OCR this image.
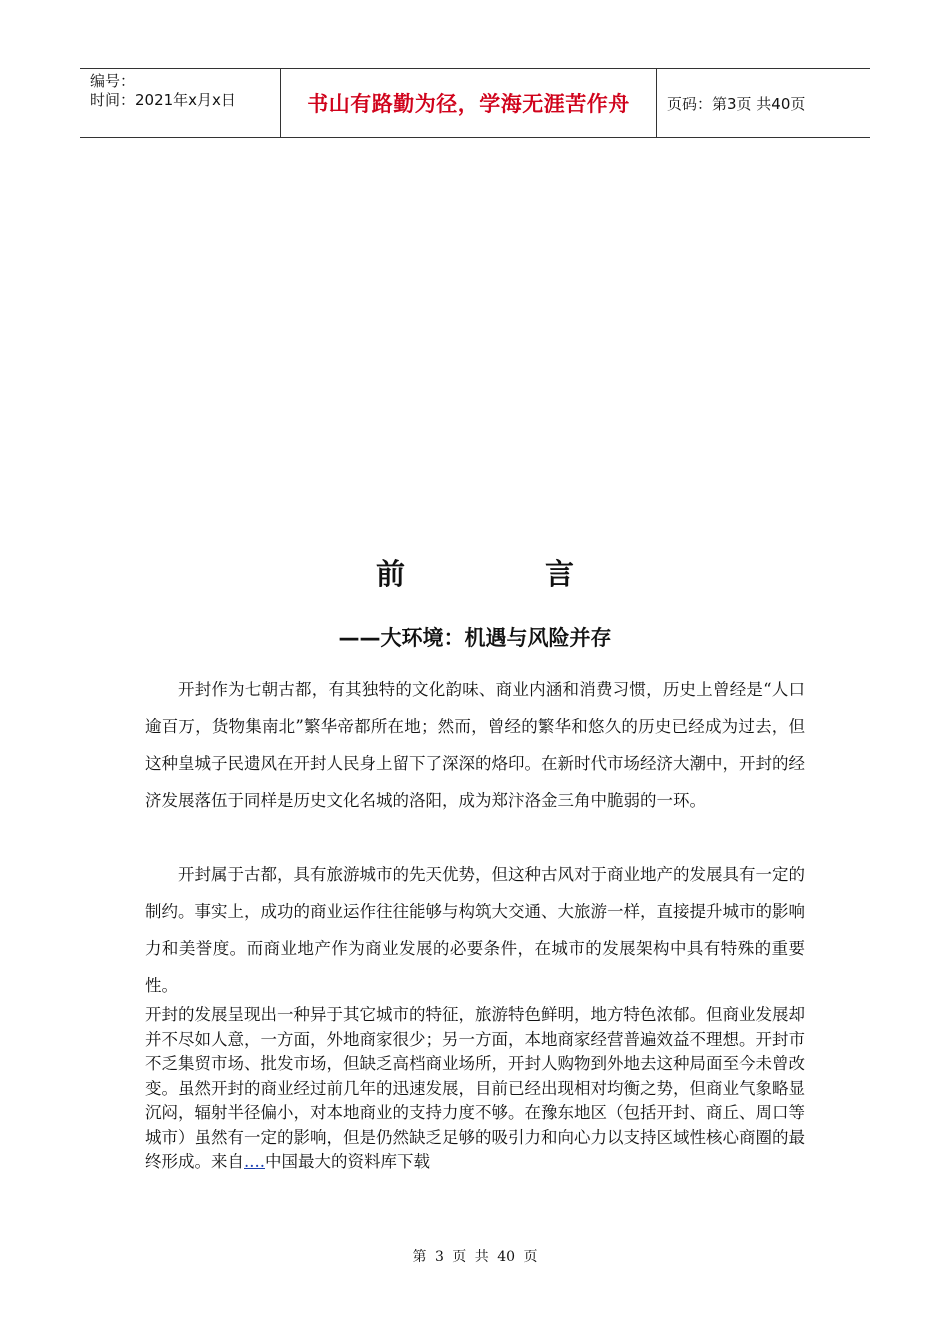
编号：
时间：2021年x月x日	书山有路勤为径，学海无涯苦作舟 页码：第3页 共40页
前	言
——大环境：机遇与风险并存
开封作为七朝古都，有其独特的文化韵味、商业内涵和消费习惯，历史上曾经是“人口逾百万，货物集南北”繁华帝都所在地；然而，曾经的繁华和悠久的历史已经成为过去，但这种皇城子民遗风在开封人民身上留下了深深的烙印。在新时代市场经济大潮中，开封的经济发展落伍于同样是历史文化名城的洛阳，成为郑汴洛金三角中脆弱的一环。
开封属于古都，具有旅游城市的先天优势，但这种古风对于商业地产的发展具有一定的制约。事实上，成功的商业运作往往能够与构筑大交通、大旅游一样，直接提升城市的影响力和美誉度。而商业地产作为商业发展的必要条件，在城市的发展架构中具有特殊的重要性。
开封的发展呈现出一种异于其它城市的特征，旅游特色鲜明，地方特色浓郁。但商业发展却并不尽如人意，一方面，外地商家很少；另一方面，本地商家经营普遍效益不理想。开封市不乏集贸市场、批发市场，但缺乏高档商业场所，开封人购物到外地去这种局面至今未曾改变。虽然开封的商业经过前几年的迅速发展，目前已经出现相对均衡之势，但商业气象略显沉闷，辐射半径偏小，对本地商业的支持力度不够。在豫东地区（包括开封、商丘、周口等城市）虽然有一定的影响，但是仍然缺乏足够的吸引力和向心力以支持区域性核心商圈的最终形成。来自....中国最大的资料库下载
第 3 页 共 40 页
